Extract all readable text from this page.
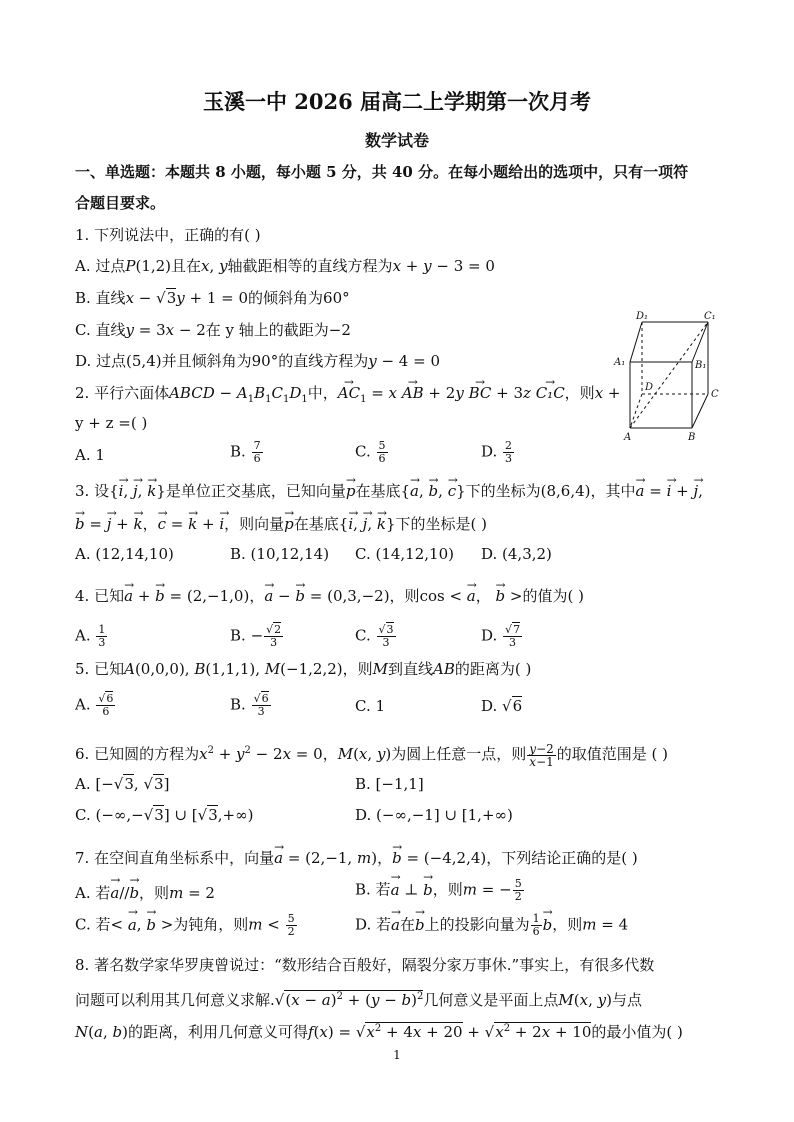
玉溪一中 2026 届高二上学期第一次月考
数学试卷
一、单选题：本题共 8 小题，每小题 5 分，共 40 分。在每小题给出的选项中，只有一项符
合题目要求。
1. 下列说法中，正确的有( )
A. 过点P(1,2)且在x, y轴截距相等的直线方程为x + y − 3 = 0
B. 直线x − √3y + 1 = 0的倾斜角为60°
C. 直线y = 3x − 2在 y 轴上的截距为−2
D. 过点(5,4)并且倾斜角为90°的直线方程为y − 4 = 0
D₁	C₁
A₁	B₁
D
C
A	B
2. 平行六面体ABCD − $A_1B_1C_1D_1$中，→ $AC_1 = x$ → AB + 2y → BC + 3z → C₁C，则x +
y + z =( )
A. 1	B. $\frac{7}{6}$	C. $\frac{5}{6}$	D. $\frac{2}{3}$
3. 设{→ i, → j, → k}是单位正交基底，已知向量→ p在基底{→ a, → b, → c}下的坐标为(8,6,4)，其中→ a = → i + → j,
→ b = → j + → k，→ c = → k + → i，则向量→ p在基底{→ i, → j, → k}下的坐标是( )
A. (12,14,10)	B. (10,12,14) C. (14,12,10) D. (4,3,2)
4. 已知→ a + → b = (2,−1,0)，→ a − → b = (0,3,−2)，则cos < → a， → b >的值为( )
A. $\frac{1}{3}$	B. − $\frac{√2}{3}$	C. $\frac{√3}{3}$	D. $\frac{√7}{3}$
5. 已知A(0,0,0), B(1,1,1), M(−1,2,2)，则M到直线AB的距离为( )
A. $\frac{√6}{6}$	B. $\frac{√6}{3}$	C. 1	D. √6
6. 已知圆的方程为$x^2 + y^2 - 2x = 0$，M(x, y)为圆上任意一点，则 $\frac{y-2}{x-1}$ 的取值范围是 ( )
A. [−√3, √3]	B. [−1,1]
C. (−∞,−√3] ∪ [√3,+∞)	D. (−∞,−1] ∪ [1,+∞)
7. 在空间直角坐标系中，向量→ a = (2,−1, m)，→ b = (−4,2,4)，下列结论正确的是( )
A. 若→ a//→ b，则m = 2	B. 若→ a ⊥ → b，则m = − $\frac{5}{2}$
C. 若< → a, → b >为钝角，则$m < \frac{5}{2}$	D. 若→ a在→ b上的投影向量为 $\frac{1}{6}$
→ b，则m = 4
8. 著名数学家华罗庚曾说过：“数形结合百般好，隔裂分家万事休.”事实上，有很多代数
问题可以利用其几何意义求解$.√(x - a)^2 + (y - b)^2$几何意义是平面上点M(x, y)与点
N(a, b)的距离，利用几何意义可得$f(x) = √x^2 + 4x + 20 + √x^2 + 2x + 10$的最小值为( )
1
